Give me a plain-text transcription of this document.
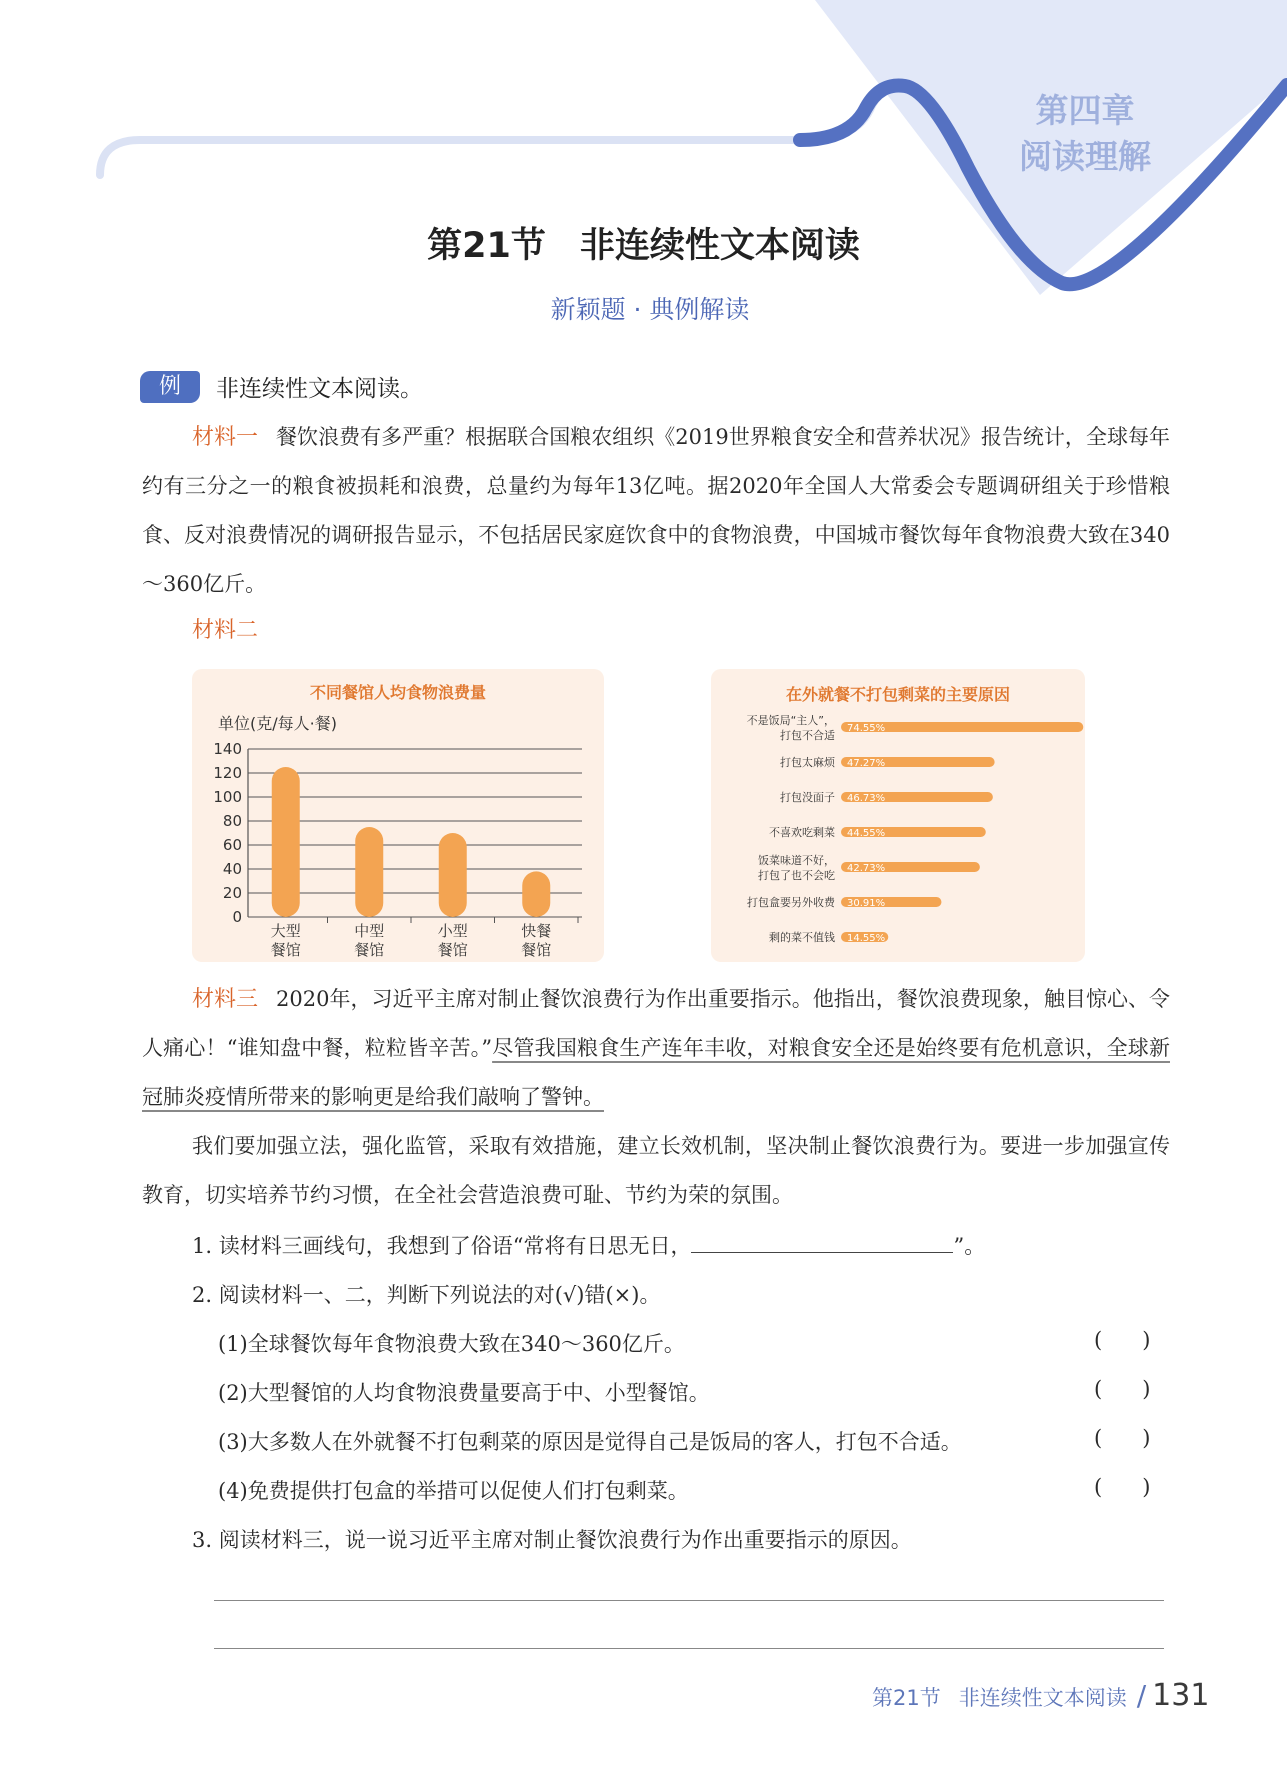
第四章
阅读理解
第21节 非连续性文本阅读
新颖题 · 典例解读
例	非连续性文本阅读。
材料一 餐饮浪费有多严重？根据联合国粮农组织《2019世界粮食安全和营养状况》报告统计，全球每年约有三分之一的粮食被损耗和浪费，总量约为每年13亿吨。据2020年全国人大常委会专题调研组关于珍惜粮食、反对浪费情况的调研报告显示，不包括居民家庭饮食中的食物浪费，中国城市餐饮每年食物浪费大致在340～360亿斤。
材料二
不同餐馆人均食物浪费量
单位(克/每人·餐)
140
120
100
80
60
40
20
0
大型
餐馆
中型
餐馆
小型
餐馆
快餐
餐馆
在外就餐不打包剩菜的主要原因
不是饭局“主人”，
打包不合适
74.55%
打包太麻烦 47.27%
打包没面子 46.73%
不喜欢吃剩菜 44.55%
饭菜味道不好，
打包了也不会吃
42.73%
打包盒要另外收费 30.91%
剩的菜不值钱 14.55%
材料三 2020年，习近平主席对制止餐饮浪费行为作出重要指示。他指出，餐饮浪费现象，触目惊心、令人痛心！“谁知盘中餐，粒粒皆辛苦。”尽管我国粮食生产连年丰收，对粮食安全还是始终要有危机意识，全球新冠肺炎疫情所带来的影响更是给我们敲响了警钟。
我们要加强立法，强化监管，采取有效措施，建立长效机制，坚决制止餐饮浪费行为。要进一步加强宣传教育，切实培养节约习惯，在全社会营造浪费可耻、节约为荣的氛围。
1. 读材料三画线句，我想到了俗语“常将有日思无日，	”。
2. 阅读材料一、二，判断下列说法的对(√)错(×)。
(1)全球餐饮每年食物浪费大致在340～360亿斤。	(      )
(2)大型餐馆的人均食物浪费量要高于中、小型餐馆。	(      )
(3)大多数人在外就餐不打包剩菜的原因是觉得自己是饭局的客人，打包不合适。	(      )
(4)免费提供打包盒的举措可以促使人们打包剩菜。	(      )
3. 阅读材料三，说一说习近平主席对制止餐饮浪费行为作出重要指示的原因。
第21节 非连续性文本阅读 / 131
